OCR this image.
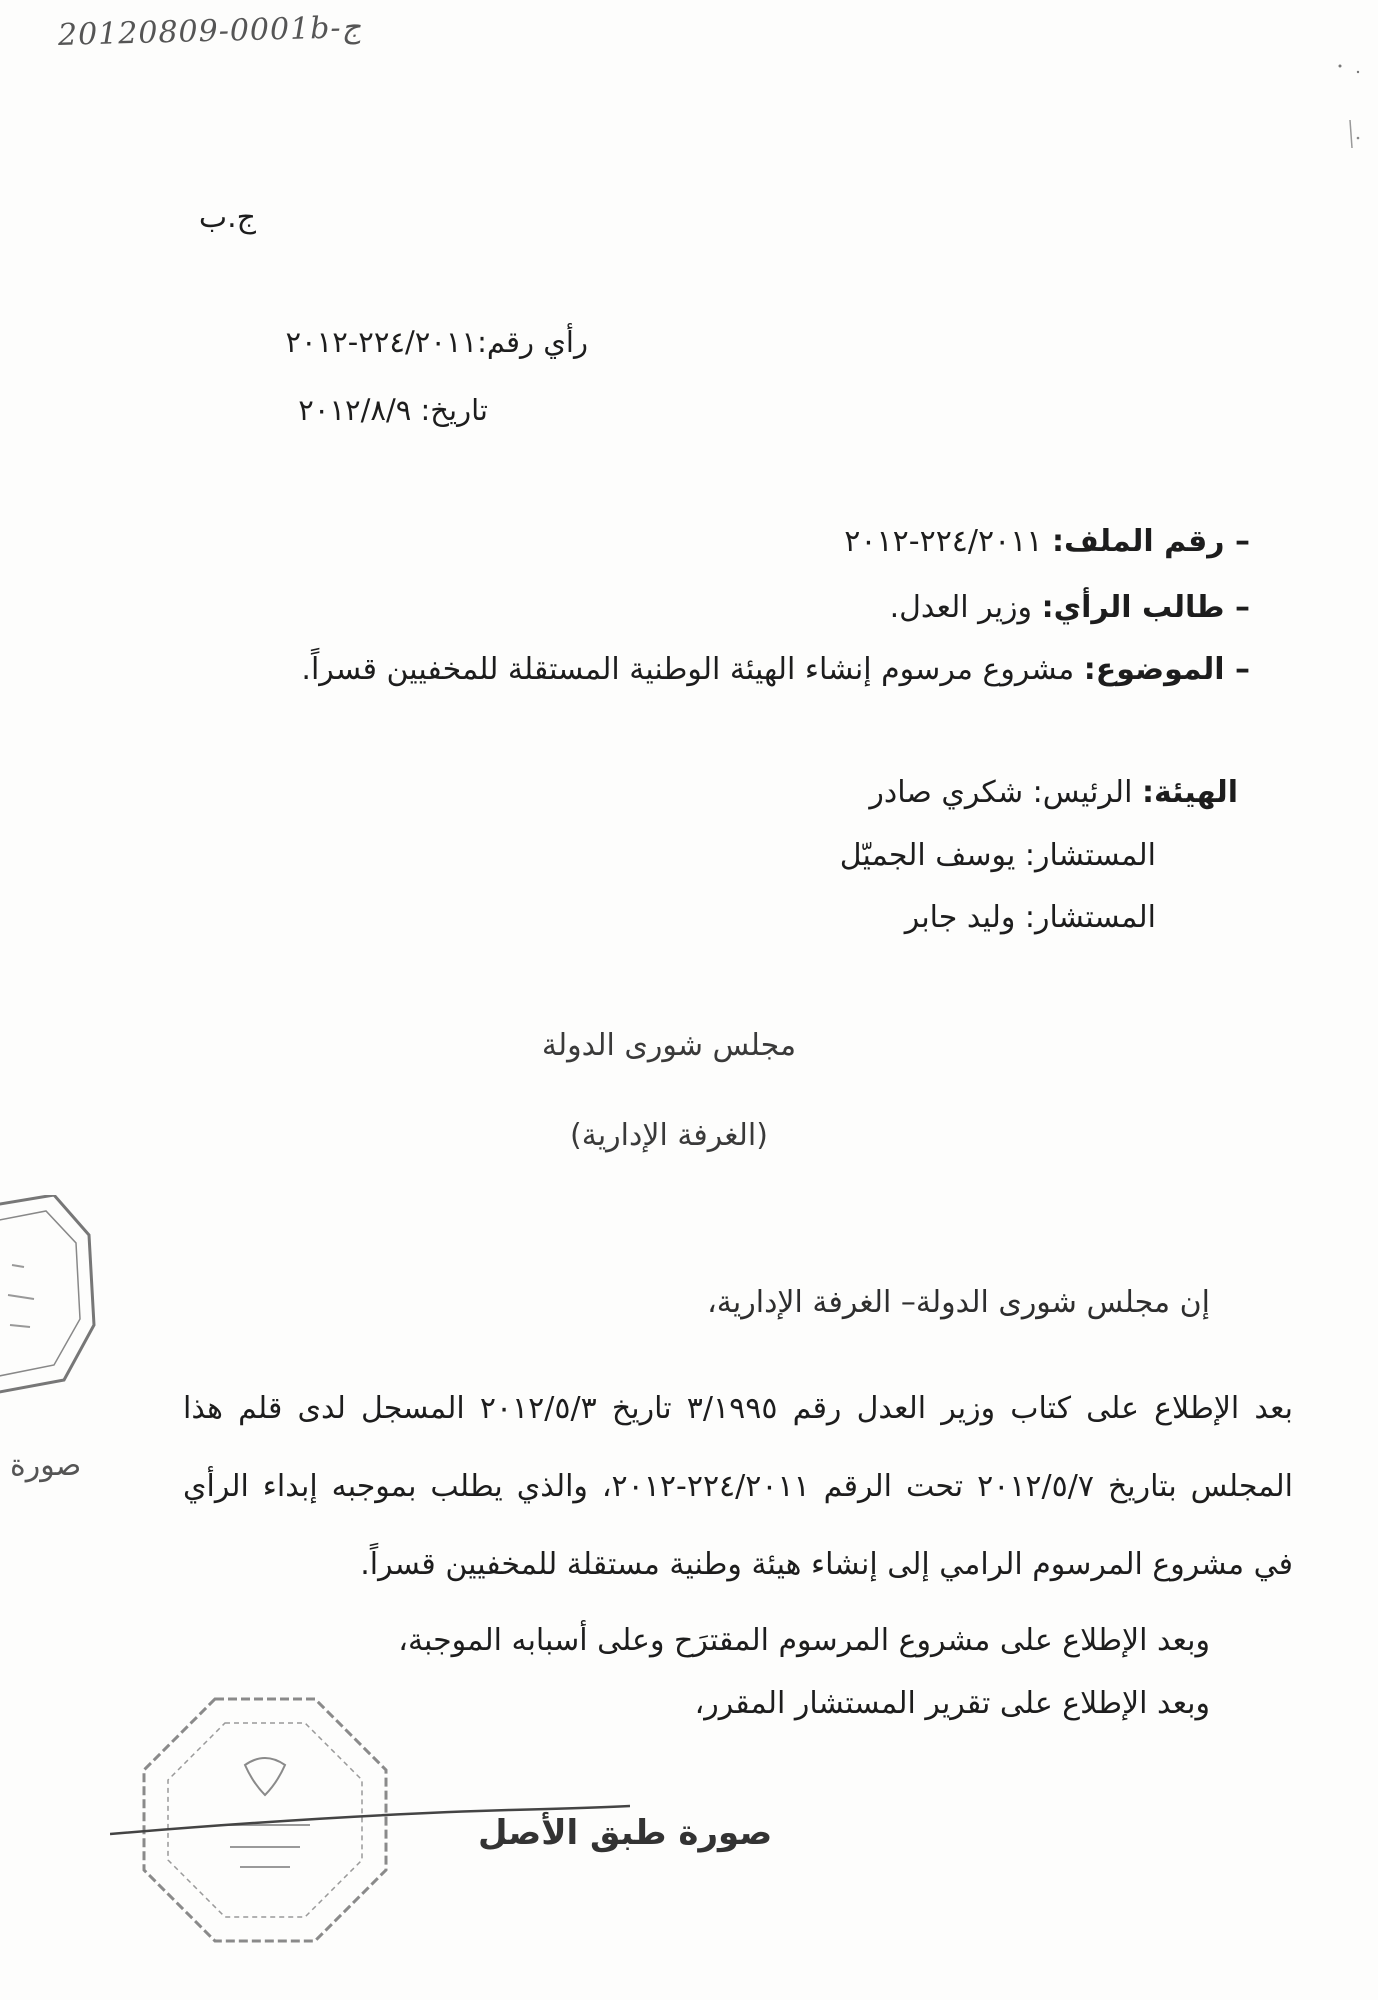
20120809-0001b-ج
ج.ب
رأي رقم:٢٢٤/٢٠١١-٢٠١٢
تاريخ: ٢٠١٢/٨/٩
– رقم الملف: ٢٢٤/٢٠١١-٢٠١٢
– طالب الرأي: وزير العدل.
– الموضوع: مشروع مرسوم إنشاء الهيئة الوطنية المستقلة للمخفيين قسراً.
الهيئة: الرئيس: شكري صادر
المستشار: يوسف الجميّل
المستشار: وليد جابر
مجلس شورى الدولة
(الغرفة الإدارية)
إن مجلس شورى الدولة– الغرفة الإدارية،
بعد الإطلاع على كتاب وزير العدل رقم ٣/١٩٩٥ تاريخ ٢٠١٢/٥/٣ المسجل لدى قلم هذا المجلس بتاريخ ٢٠١٢/٥/٧ تحت الرقم ٢٢٤/٢٠١١-٢٠١٢، والذي يطلب بموجبه إبداء الرأي في مشروع المرسوم الرامي إلى إنشاء هيئة وطنية مستقلة للمخفيين قسراً.
وبعد الإطلاع على مشروع المرسوم المقترَح وعلى أسبابه الموجبة،
وبعد الإطلاع على تقرير المستشار المقرر،
صورة
صورة طبق الأصل
